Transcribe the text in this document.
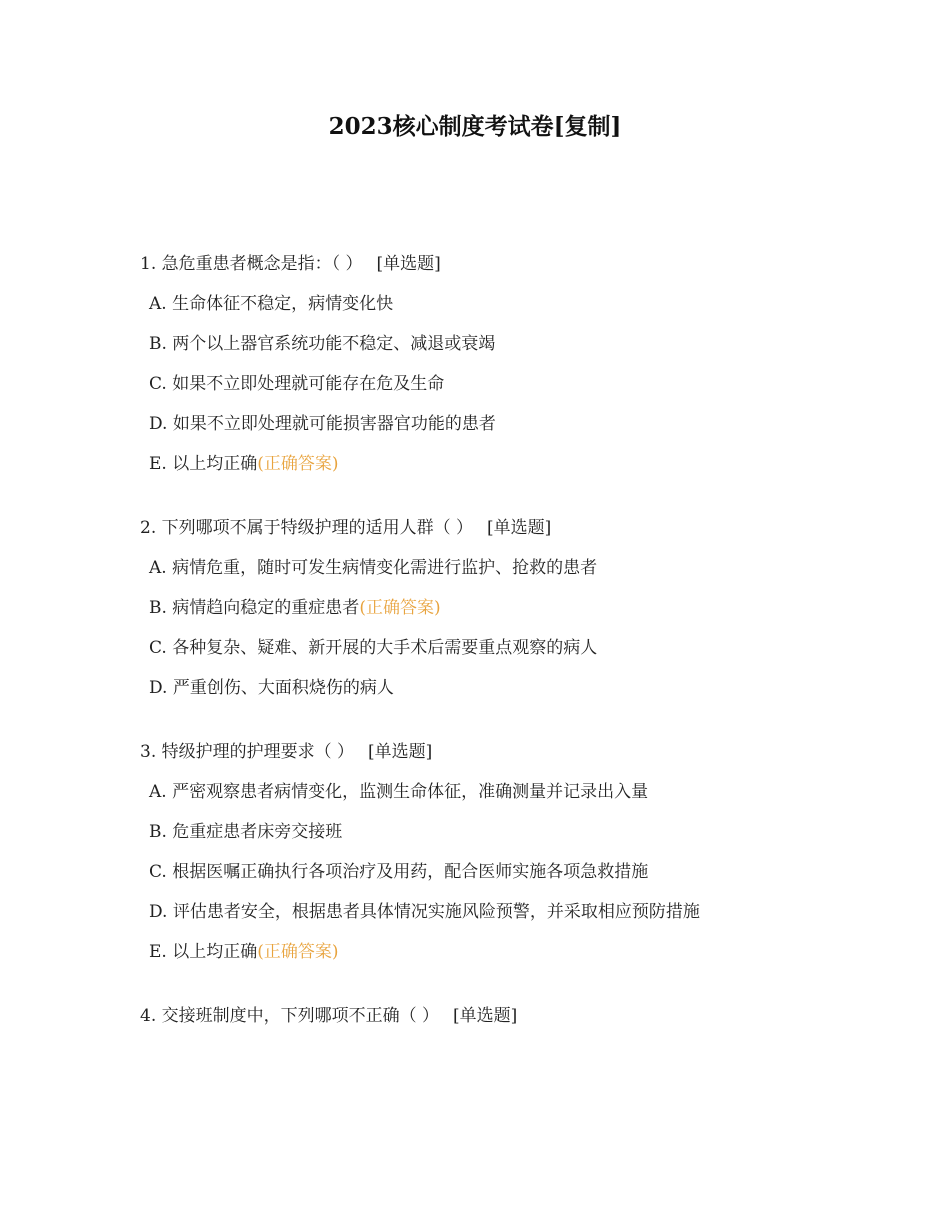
2023核心制度考试卷[复制]
1. 急危重患者概念是指：（ ） [单选题]
A. 生命体征不稳定，病情变化快
B. 两个以上器官系统功能不稳定、减退或衰竭
C. 如果不立即处理就可能存在危及生命
D. 如果不立即处理就可能损害器官功能的患者
E. 以上均正确(正确答案)
2. 下列哪项不属于特级护理的适用人群（ ） [单选题]
A. 病情危重，随时可发生病情变化需进行监护、抢救的患者
B. 病情趋向稳定的重症患者(正确答案)
C. 各种复杂、疑难、新开展的大手术后需要重点观察的病人
D. 严重创伤、大面积烧伤的病人
3. 特级护理的护理要求（ ） [单选题]
A. 严密观察患者病情变化，监测生命体征，准确测量并记录出入量
B. 危重症患者床旁交接班
C. 根据医嘱正确执行各项治疗及用药，配合医师实施各项急救措施
D. 评估患者安全，根据患者具体情况实施风险预警，并采取相应预防措施
E. 以上均正确(正确答案)
4. 交接班制度中，下列哪项不正确（ ） [单选题]
